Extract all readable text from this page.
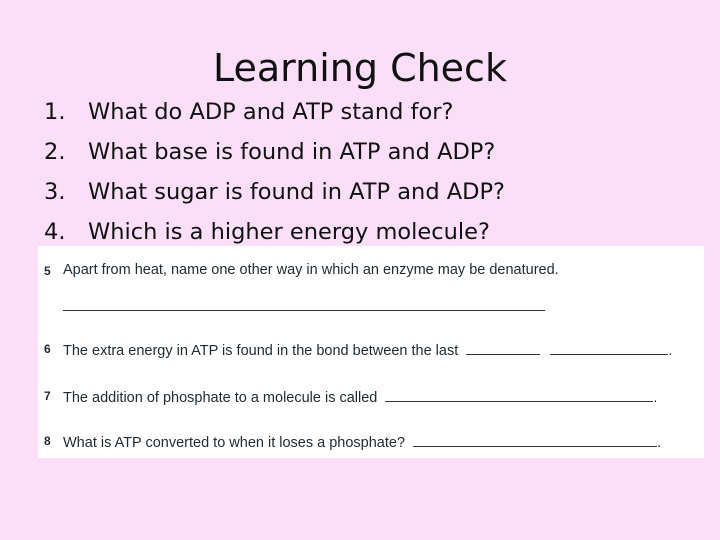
Learning Check
1. What do ADP and ATP stand for?
2. What base is found in ATP and ADP?
3. What sugar is found in ATP and ADP?
4. Which is a higher energy molecule?
5 Apart from heat, name one other way in which an enzyme may be denatured.
6 The extra energy in ATP is found in the bond between the last	.
7 The addition of phosphate to a molecule is called	.
8 What is ATP converted to when it loses a phosphate?	.
